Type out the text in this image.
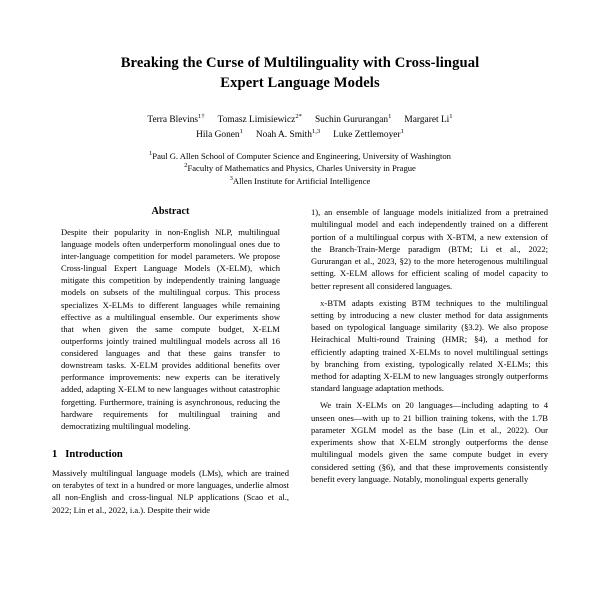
Breaking the Curse of Multilinguality with Cross-lingual
Expert Language Models
Terra Blevins$^{1\dagger}$ Tomasz Limisiewicz$^{2*}$ Suchin Gururangan$^1$ Margaret Li$^1$
Hila Gonen$^1$ Noah A. Smith$^{1,3}$ Luke Zettlemoyer$^1$
$^1$Paul G. Allen School of Computer Science and Engineering, University of Washington
$^2$Faculty of Mathematics and Physics, Charles University in Prague
$^3$Allen Institute for Artificial Intelligence
Abstract

Despite their popularity in non-English NLP, multilingual language models often underperform monolingual ones due to inter-language competition for model parameters. We propose Cross-lingual Expert Language Models (X-ELM), which mitigate this competition by independently training language models on subsets of the multilingual corpus. This process specializes X-ELMs to different languages while remaining effective as a multilingual ensemble. Our experiments show that when given the same compute budget, X-ELM outperforms jointly trained multilingual models across all 16 considered languages and that these gains transfer to downstream tasks. X-ELM provides additional benefits over performance improvements: new experts can be iteratively added, adapting X-ELM to new languages without catastrophic forgetting. Furthermore, training is asynchronous, reducing the hardware requirements for multilingual training and democratizing multilingual modeling.

1 Introduction

Massively multilingual language models (LMs), which are trained on terabytes of text in a hundred or more languages, underlie almost all non-English and cross-lingual NLP applications (Scao et al., 2022; Lin et al., 2022, i.a.). Despite their wide

1), an ensemble of language models initialized from a pretrained multilingual model and each independently trained on a different portion of a multilingual corpus with X-BTM, a new extension of the Branch-Train-Merge paradigm (BTM; Li et al., 2022; Gururangan et al., 2023, §2) to the more heterogenous multilingual setting. X-ELM allows for efficient scaling of model capacity to better represent all considered languages.

x-BTM adapts existing BTM techniques to the multilingual setting by introducing a new cluster method for data assignments based on typological language similarity (§3.2). We also propose Heirachical Multi-round Training (HMR; §4), a method for efficiently adapting trained X-ELMs to novel multilingual settings by branching from existing, typologically related X-ELMs; this method for adapting X-ELM to new languages strongly outperforms standard language adaptation methods.

We train X-ELMs on 20 languages—including adapting to 4 unseen ones—with up to 21 billion training tokens, with the 1.7B parameter XGLM model as the base (Lin et al., 2022). Our experiments show that X-ELM strongly outperforms the dense multilingual models given the same compute budget in every considered setting (§6), and that these improvements consistently benefit every language. Notably, monolingual experts generally
